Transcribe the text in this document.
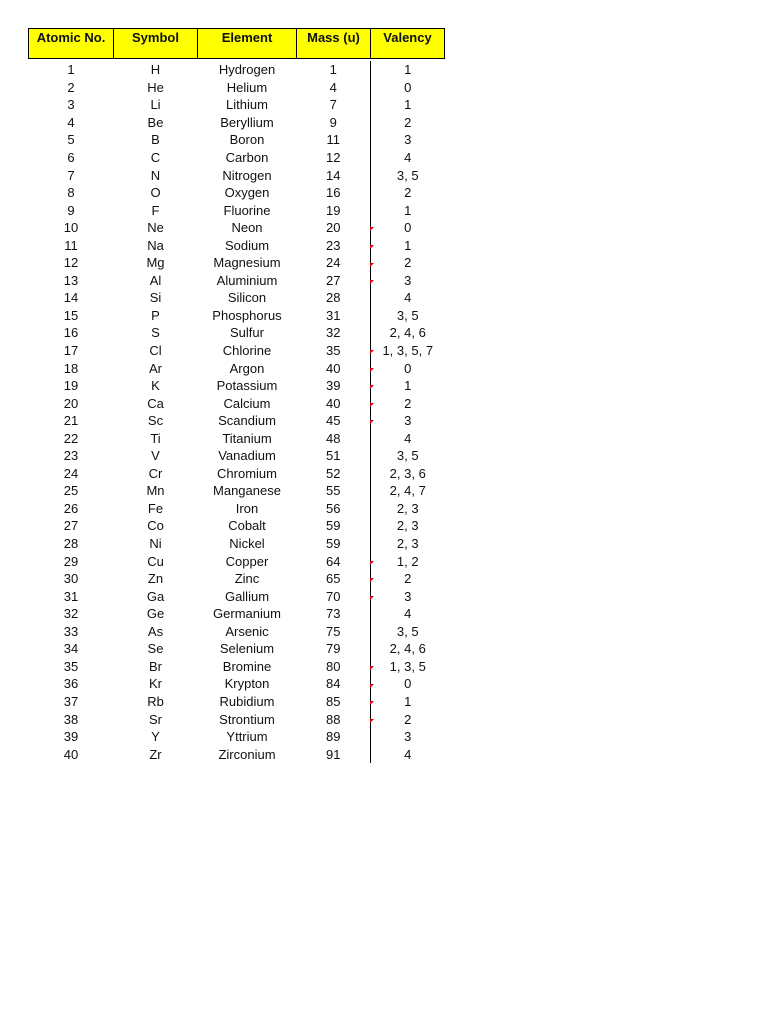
Atomic No.	Symbol	Element	Mass (u)	Valency

1	H	Hydrogen	1	1
2	He	Helium	4	0
3	Li	Lithium	7	1
4	Be	Beryllium	9	2
5	B	Boron	11	3
6	C	Carbon	12	4
7	N	Nitrogen	14	3, 5
8	O	Oxygen	16	2
9	F	Fluorine	19	1
10	Ne	Neon	20	0
11	Na	Sodium	23	1
12	Mg	Magnesium	24	2
13	Al	Aluminium	27	3
14	Si	Silicon	28	4
15	P	Phosphorus	31	3, 5
16	S	Sulfur	32	2, 4, 6
17	Cl	Chlorine	35	1, 3, 5, 7
18	Ar	Argon	40	0
19	K	Potassium	39	1
20	Ca	Calcium	40	2
21	Sc	Scandium	45	3
22	Ti	Titanium	48	4
23	V	Vanadium	51	3, 5
24	Cr	Chromium	52	2, 3, 6
25	Mn	Manganese	55	2, 4, 7
26	Fe	Iron	56	2, 3
27	Co	Cobalt	59	2, 3
28	Ni	Nickel	59	2, 3
29	Cu	Copper	64	1, 2
30	Zn	Zinc	65	2
31	Ga	Gallium	70	3
32	Ge	Germanium	73	4
33	As	Arsenic	75	3, 5
34	Se	Selenium	79	2, 4, 6
35	Br	Bromine	80	1, 3, 5
36	Kr	Krypton	84	0
37	Rb	Rubidium	85	1
38	Sr	Strontium	88	2
39	Y	Yttrium	89	3
40	Zr	Zirconium	91	4
